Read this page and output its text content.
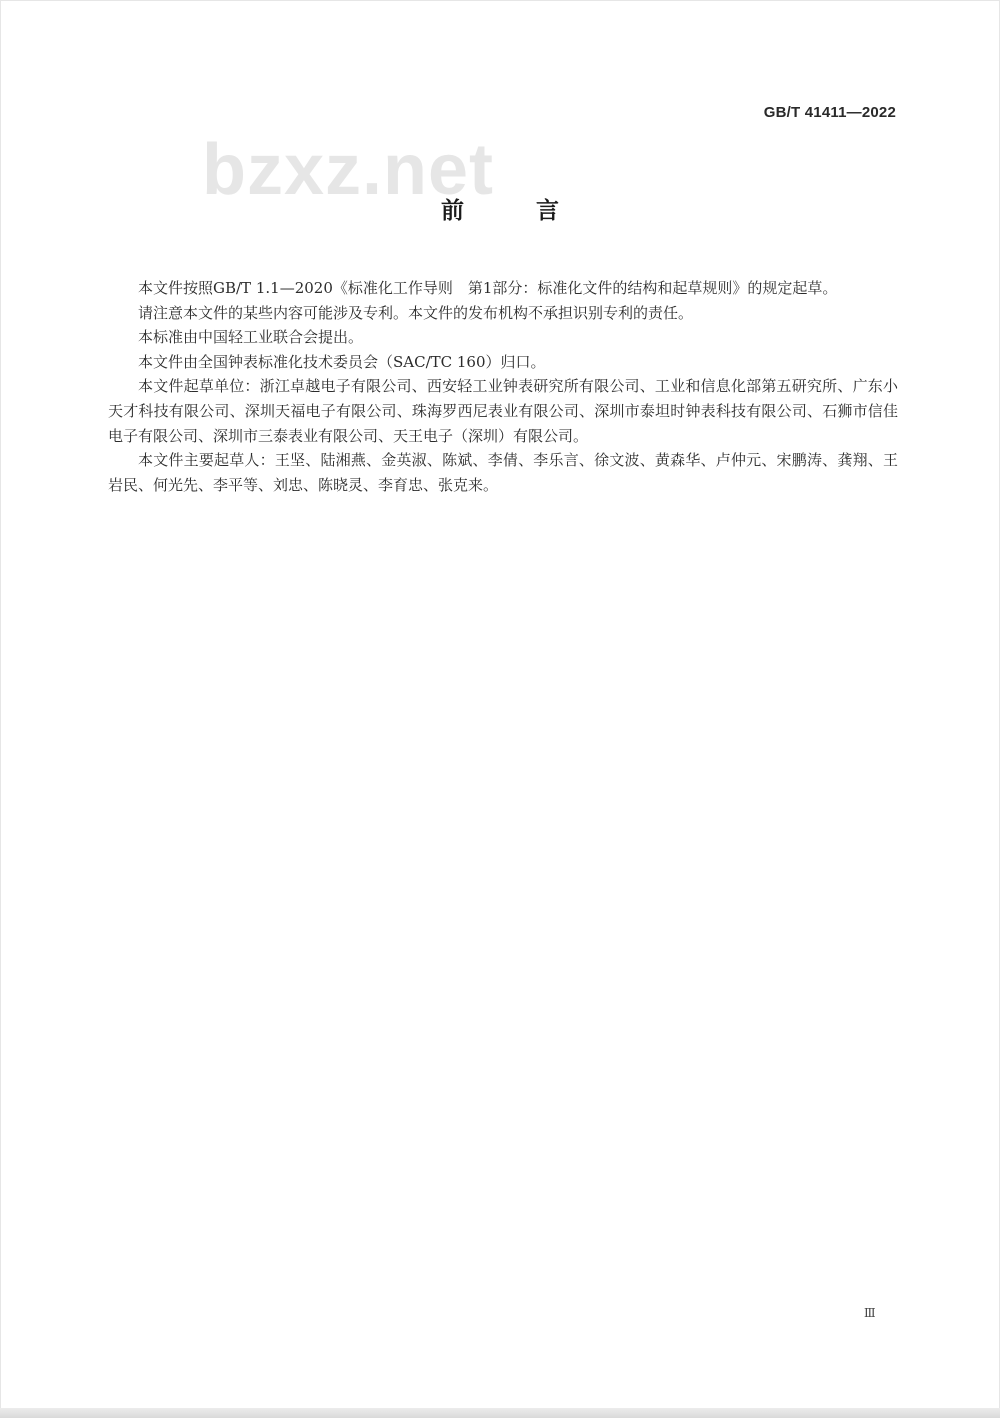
GB/T 41411—2022
bzxz.net
前 言

本文件按照GB/T 1.1—2020《标准化工作导则　第1部分：标准化文件的结构和起草规则》的规定起草。

请注意本文件的某些内容可能涉及专利。本文件的发布机构不承担识别专利的责任。

本标准由中国轻工业联合会提出。

本文件由全国钟表标准化技术委员会（SAC/TC 160）归口。

本文件起草单位：浙江卓越电子有限公司、西安轻工业钟表研究所有限公司、工业和信息化部第五研究所、广东小天才科技有限公司、深圳天福电子有限公司、珠海罗西尼表业有限公司、深圳市泰坦时钟表科技有限公司、石狮市信佳电子有限公司、深圳市三泰表业有限公司、天王电子（深圳）有限公司。

本文件主要起草人：王坚、陆湘燕、金英淑、陈斌、李倩、李乐言、徐文波、黄森华、卢仲元、宋鹏涛、龚翔、王岩民、何光先、李平等、刘忠、陈晓灵、李育忠、张克来。

Ⅲ
